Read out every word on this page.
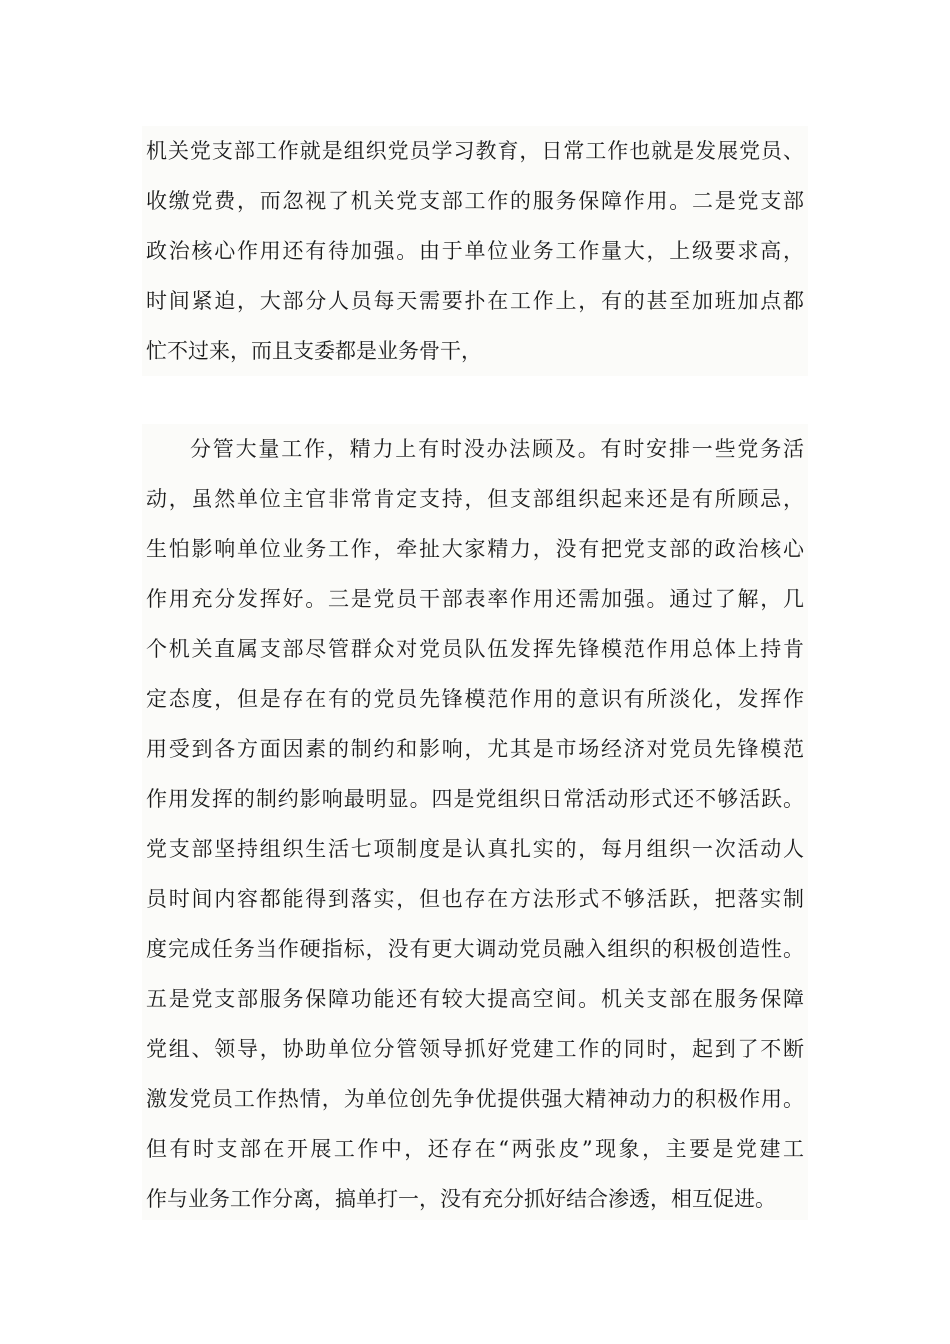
机关党支部工作就是组织党员学习教育，日常工作也就是发展党员、
收缴党费，而忽视了机关党支部工作的服务保障作用。二是党支部
政治核心作用还有待加强。由于单位业务工作量大，上级要求高，
时间紧迫，大部分人员每天需要扑在工作上，有的甚至加班加点都
忙不过来，而且支委都是业务骨干，
分管大量工作，精力上有时没办法顾及。有时安排一些党务活
动，虽然单位主官非常肯定支持，但支部组织起来还是有所顾忌，
生怕影响单位业务工作，牵扯大家精力，没有把党支部的政治核心
作用充分发挥好。三是党员干部表率作用还需加强。通过了解，几
个机关直属支部尽管群众对党员队伍发挥先锋模范作用总体上持肯
定态度，但是存在有的党员先锋模范作用的意识有所淡化，发挥作
用受到各方面因素的制约和影响，尤其是市场经济对党员先锋模范
作用发挥的制约影响最明显。四是党组织日常活动形式还不够活跃。
党支部坚持组织生活七项制度是认真扎实的，每月组织一次活动人
员时间内容都能得到落实，但也存在方法形式不够活跃，把落实制
度完成任务当作硬指标，没有更大调动党员融入组织的积极创造性。
五是党支部服务保障功能还有较大提高空间。机关支部在服务保障
党组、领导，协助单位分管领导抓好党建工作的同时，起到了不断
激发党员工作热情，为单位创先争优提供强大精神动力的积极作用。
但有时支部在开展工作中，还存在“两张皮”现象，主要是党建工
作与业务工作分离，搞单打一，没有充分抓好结合渗透，相互促进。
